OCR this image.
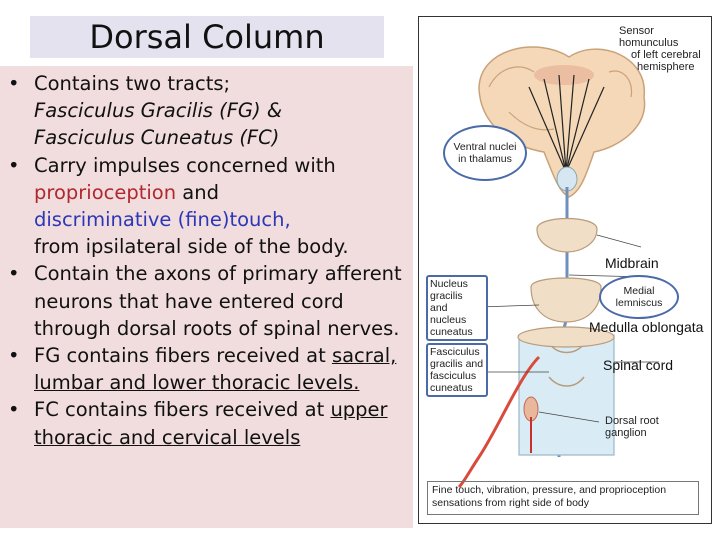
Dorsal Column
• Contains two tracts;
Fasciculus Gracilis (FG) &
Fasciculus Cuneatus (FC)
• Carry impulses concerned with
proprioception and
discriminative (fine)touch,
from ipsilateral side of the body.
• Contain the axons of primary afferent
neurons that have entered cord
through dorsal roots of spinal nerves.
• FG contains fibers received at sacral,
lumbar and lower thoracic levels.
• FC contains fibers received at upper
thoracic and cervical levels
Sensor homunculus
of left cerebral
hemisphere
Ventral nuclei
in thalamus
Midbrain
Medial
lemniscus
Nucleus
gracilis
and nucleus
cuneatus	Medulla oblongata
Fasciculus
gracilis and
fasciculus
cuneatus
Spinal cord
Dorsal root
ganglion
Fine touch, vibration, pressure, and proprioception
sensations from right side of body
